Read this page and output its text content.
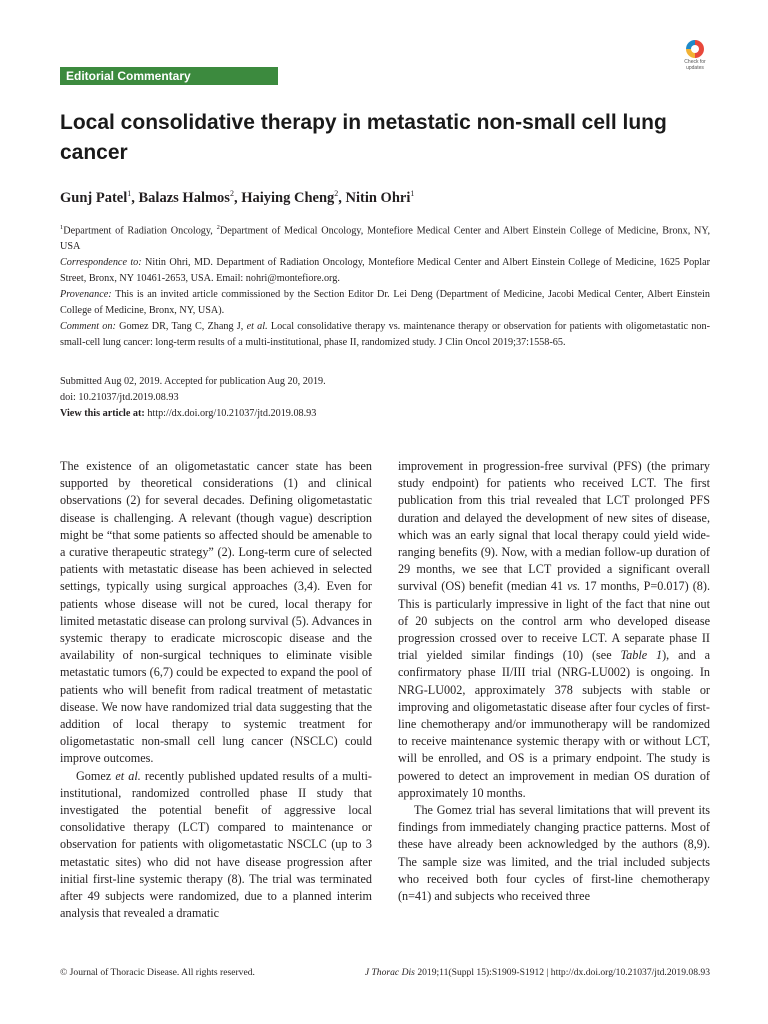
Editorial Commentary
Check for updates
Local consolidative therapy in metastatic non-small cell lung cancer
Gunj Patel$^1$, Balazs Halmos$^2$, Haiying Cheng$^2$, Nitin Ohri$^1$

$^1$Department of Radiation Oncology, $^2$Department of Medical Oncology, Montefiore Medical Center and Albert Einstein College of Medicine, Bronx, NY, USA

Correspondence to: Nitin Ohri, MD. Department of Radiation Oncology, Montefiore Medical Center and Albert Einstein College of Medicine, 1625 Poplar Street, Bronx, NY 10461-2653, USA. Email: nohri@montefiore.org.

Provenance: This is an invited article commissioned by the Section Editor Dr. Lei Deng (Department of Medicine, Jacobi Medical Center, Albert Einstein College of Medicine, Bronx, NY, USA).

Comment on: Gomez DR, Tang C, Zhang J, et al. Local consolidative therapy vs. maintenance therapy or observation for patients with oligometastatic non-small-cell lung cancer: long-term results of a multi-institutional, phase II, randomized study. J Clin Oncol 2019;37:1558-65.

Submitted Aug 02, 2019. Accepted for publication Aug 20, 2019.

doi: 10.21037/jtd.2019.08.93

View this article at: http://dx.doi.org/10.21037/jtd.2019.08.93

The existence of an oligometastatic cancer state has been supported by theoretical considerations (1) and clinical observations (2) for several decades. Defining oligometastatic disease is challenging. A relevant (though vague) description might be “that some patients so affected should be amenable to a curative therapeutic strategy” (2). Long-term cure of selected patients with metastatic disease has been achieved in selected settings, typically using surgical approaches (3,4). Even for patients whose disease will not be cured, local therapy for limited metastatic disease can prolong survival (5). Advances in systemic therapy to eradicate microscopic disease and the availability of non-surgical techniques to eliminate visible metastatic tumors (6,7) could be expected to expand the pool of patients who will benefit from radical treatment of metastatic disease. We now have randomized trial data suggesting that the addition of local therapy to systemic treatment for oligometastatic non-small cell lung cancer (NSCLC) could improve outcomes.

Gomez et al. recently published updated results of a multi-institutional, randomized controlled phase II study that investigated the potential benefit of aggressive local consolidative therapy (LCT) compared to maintenance or observation for patients with oligometastatic NSCLC (up to 3 metastatic sites) who did not have disease progression after initial first-line systemic therapy (8). The trial was terminated after 49 subjects were randomized, due to a planned interim analysis that revealed a dramatic

improvement in progression-free survival (PFS) (the primary study endpoint) for patients who received LCT. The first publication from this trial revealed that LCT prolonged PFS duration and delayed the development of new sites of disease, which was an early signal that local therapy could yield wide-ranging benefits (9). Now, with a median follow-up duration of 29 months, we see that LCT provided a significant overall survival (OS) benefit (median 41 vs. 17 months, P=0.017) (8). This is particularly impressive in light of the fact that nine out of 20 subjects on the control arm who developed disease progression crossed over to receive LCT. A separate phase II trial yielded similar findings (10) (see Table 1), and a confirmatory phase II/III trial (NRG-LU002) is ongoing. In NRG-LU002, approximately 378 subjects with stable or improving and oligometastatic disease after four cycles of first-line chemotherapy and/or immunotherapy will be randomized to receive maintenance systemic therapy with or without LCT, will be enrolled, and OS is a primary endpoint. The study is powered to detect an improvement in median OS duration of approximately 10 months.

The Gomez trial has several limitations that will prevent its findings from immediately changing practice patterns. Most of these have already been acknowledged by the authors (8,9). The sample size was limited, and the trial included subjects who received both four cycles of first-line chemotherapy (n=41) and subjects who received three

© Journal of Thoracic Disease. All rights reserved.	J Thorac Dis 2019;11(Suppl 15):S1909-S1912 | http://dx.doi.org/10.21037/jtd.2019.08.93
